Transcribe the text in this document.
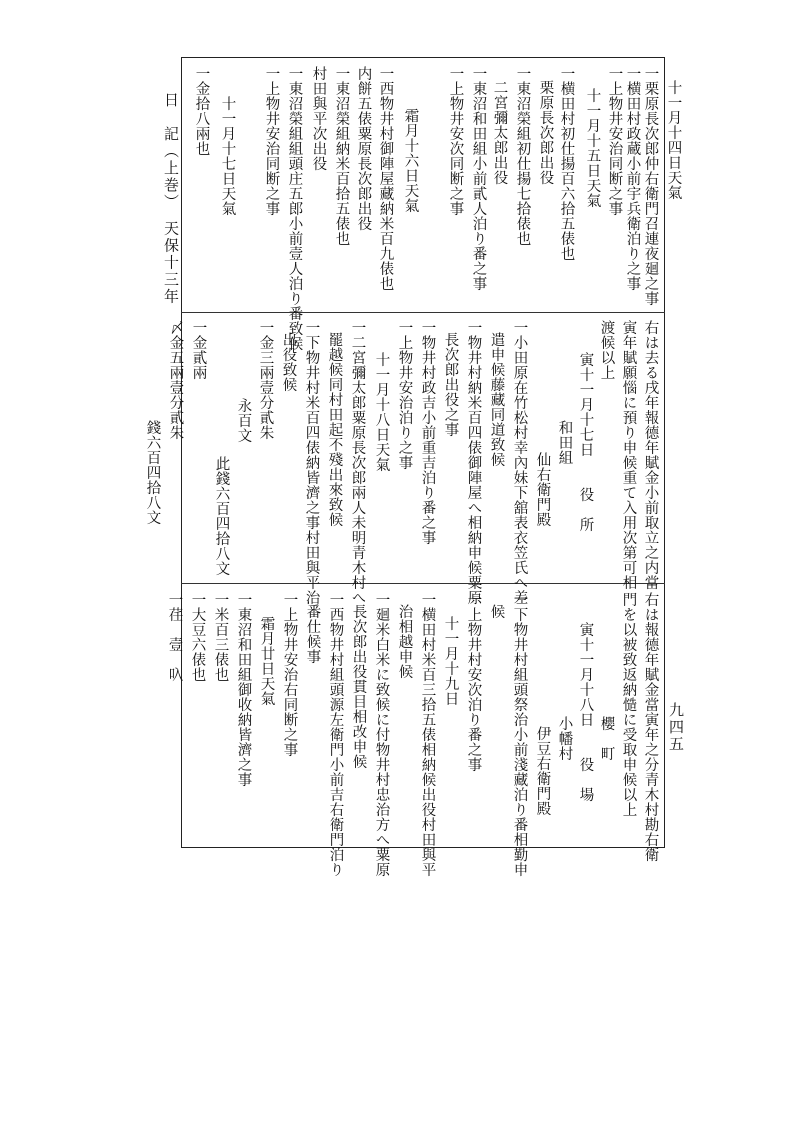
日　記（上巻）　天保十三年
九四五
一栗原長次郎仲右衛門召連夜廻之事
一横田村政蔵小前宇兵衛泊り之事
一上物井安治同断之事
十一月十五日天氣
一横田村初仕揚百六拾五俵也
栗原長次郎出役
一東沼榮組初仕揚七拾俵也
二宮彌太郎出役
一東沼和田組小前貳人泊り番之事
一上物井安次同断之事
霜月十六日天氣
一西物井村御陣屋藏納米百九俵也
内餅五俵粟原長次郎出役
一東沼榮組納米百拾五俵也
村田與平次出役
一東沼榮組組頭庄五郎小前壹人泊り番致候
一上物井安治同断之事
十一月十七日天氣
一金拾八兩也	十一月十四日天氣
右は去る戌年報德年賦金小前取立之内當
寅年賦願惱に預り申候重て入用次第可相
渡候以上
寅十一月十七日　　役　所
和田組
仙右衛門殿
一小田原在竹松村幸內妹下舘表衣笠氏へ差
遣申候藤藏同道致候
一物井村納米百四俵御陣屋へ相納申候粟原
長次郎出役之事
一物井村政吉小前重吉泊り番之事
一上物井安治泊り之事
十一月十八日天氣
一二宮彌太郎粟原長次郎兩人未明青木村へ
罷越候同村田起不殘出來致候
一下物井村米百四俵納皆濟之事村田與平治
出役致候
一金三兩壹分貳朱
永百文
此錢六百四拾八文
一金貳兩
〆金五兩壹分貳朱
錢六百四拾八文
右は報德年賦金當寅年之分青木村勘右衛
門を以被致返納慥に受取申候以上
櫻　町
寅十一月十八日　　役　場
小幡村
伊豆右衛門殿
一下物井村組頭祭治小前淺藏泊り番相勤申
候
一上物井村安次泊り番之事
十一月十九日
一横田村米百三拾五俵相納候出役村田與平
治相越申候
一廻米白米に致候に付物井村忠治方へ粟原
長次郎出役貫目相改申候
一西物井村組頭源左衛門小前吉右衛門泊り
番仕候事
一上物井安治右同断之事
霜月廿日天氣
一東沼和田組御收納皆濟之事
一米百三俵也
一大豆六俵也
一荏　壹　叺
